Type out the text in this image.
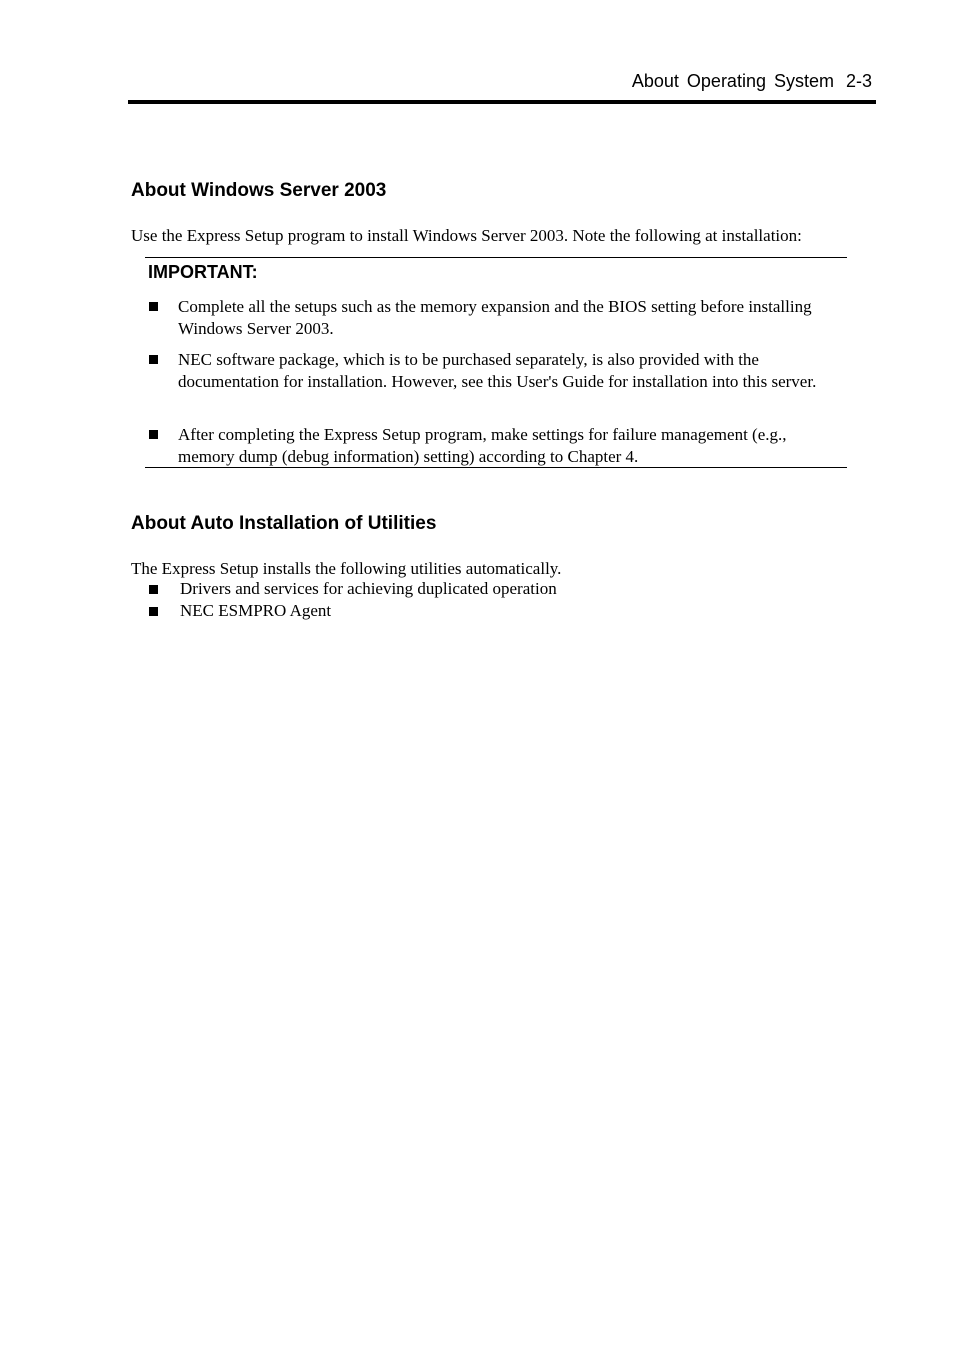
About Operating System 2-3
About Windows Server 2003

Use the Express Setup program to install Windows Server 2003. Note the following at installation:

IMPORTANT:
Complete all the setups such as the memory expansion and the BIOS setting before installing Windows Server 2003.
NEC software package, which is to be purchased separately, is also provided with the documentation for installation. However, see this User's Guide for installation into this server.
After completing the Express Setup program, make settings for failure management (e.g., memory dump (debug information) setting) according to Chapter 4.
About Auto Installation of Utilities

The Express Setup installs the following utilities automatically.

Drivers and services for achieving duplicated operation
NEC ESMPRO Agent
